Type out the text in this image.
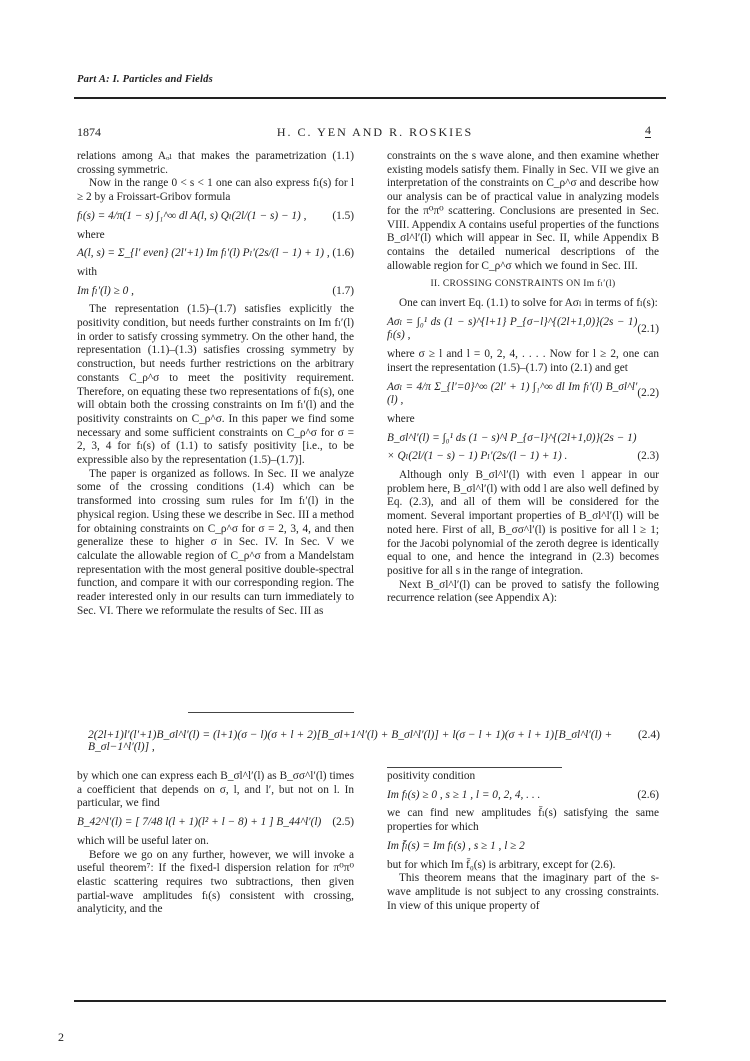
Part A: I. Particles and Fields
1874	H. C. YEN AND R. ROSKIES	4

relations among Aₒₗ that makes the parametrization (1.1) crossing symmetric.

Now in the range 0 < s < 1 one can also express fₗ(s) for l ≥ 2 by a Froissart-Gribov formula

fₗ(s) = 4/π(1 − s) ∫₁^∞ dl A(l, s) Qₗ(2l/(1 − s) − 1) , (1.5)

where

A(l, s) = Σ_{l′ even} (2l′+1) Im fₗ′(l) Pₗ′(2s/(l − 1) + 1) , (1.6)

with

Im fₗ′(l) ≥ 0 ,	(1.7)

The representation (1.5)–(1.7) satisfies explicitly the positivity condition, but needs further constraints on Im fₗ′(l) in order to satisfy crossing symmetry. On the other hand, the representation (1.1)–(1.3) satisfies crossing symmetry by construction, but needs further restrictions on the arbitrary constants C_ρ^σ to meet the positivity requirement. Therefore, on equating these two representations of fₗ(s), one will obtain both the crossing constraints on Im fₗ′(l) and the positivity constraints on C_ρ^σ. In this paper we find some necessary and some sufficient constraints on C_ρ^σ for σ = 2, 3, 4 for fₗ(s) of (1.1) to satisfy positivity [i.e., to be expressible also by the representation (1.5)–(1.7)].

The paper is organized as follows. In Sec. II we analyze some of the crossing conditions (1.4) which can be transformed into crossing sum rules for Im fₗ′(l) in the physical region. Using these we describe in Sec. III a method for obtaining constraints on C_ρ^σ for σ = 2, 3, 4, and then generalize these to higher σ in Sec. IV. In Sec. V we calculate the allowable region of C_ρ^σ from a Mandelstam representation with the most general positive double-spectral function, and compare it with our corresponding region. The reader interested only in our results can turn immediately to Sec. VI. There we reformulate the results of Sec. III as

constraints on the s wave alone, and then examine whether existing models satisfy them. Finally in Sec. VII we give an interpretation of the constraints on C_ρ^σ and describe how our analysis can be of practical value in analyzing models for the π⁰π⁰ scattering. Conclusions are presented in Sec. VIII. Appendix A contains useful properties of the functions B_σl^l′(l) which will appear in Sec. II, while Appendix B contains the detailed numerical descriptions of the allowable region for C_ρ^σ which we found in Sec. III.

II. CROSSING CONSTRAINTS ON Im fₗ′(l)

One can invert Eq. (1.1) to solve for Aσₗ in terms of fₗ(s):

Aσₗ = ∫₀¹ ds (1 − s)^{l+1} P_{σ−l}^{(2l+1,0)}(2s − 1) fₗ(s) ,
(2.1)

where σ ≥ l and l = 0, 2, 4, . . . . Now for l ≥ 2, one can insert the representation (1.5)–(1.7) into (2.1) and get

Aσₗ = 4/π Σ_{l′=0}^∞ (2l′ + 1) ∫₁^∞ dl Im fₗ′(l) B_σl^l′(l) ,
(2.2)

where

B_σl^l′(l) = ∫₀¹ ds (1 − s)^l P_{σ−l}^{(2l+1,0)}(2s − 1)
× Qₗ(2l/(1 − s) − 1) Pₗ′(2s/(l − 1) + 1) .	(2.3)

Although only B_σl^l′(l) with even l appear in our problem here, B_σl^l′(l) with odd l are also well defined by Eq. (2.3), and all of them will be considered for the moment. Several important properties of B_σl^l′(l) will be noted here. First of all, B_σσ^l′(l) is positive for all l ≥ 1; for the Jacobi polynomial of the zeroth degree is identically equal to one, and hence the integrand in (2.3) becomes positive for all s in the range of integration.

Next B_σl^l′(l) can be proved to satisfy the following recurrence relation (see Appendix A):

2(2l+1)l′(l′+1)B_σl^l′(l) = (l+1)(σ − l)(σ + l + 2)[B_σl+1^l′(l) + B_σl^l′(l)] + l(σ − l + 1)(σ + l + 1)[B_σl^l′(l) + B_σl−1^l′(l)] ,
(2.4)

by which one can express each B_σl^l′(l) as B_σσ^l′(l) times a coefficient that depends on σ, l, and l′, but not on l. In particular, we find

B_42^l′(l) = [ 7/48 l(l + 1)(l² + l − 8) + 1 ] B_44^l′(l) (2.5)

which will be useful later on.

Before we go on any further, however, we will invoke a useful theorem⁷: If the fixed-l dispersion relation for π⁰π⁰ elastic scattering requires two subtractions, then given partial-wave amplitudes fₗ(s) consistent with crossing, analyticity, and the

positivity condition

Im fₗ(s) ≥ 0 , s ≥ 1 , l = 0, 2, 4, . . .	(2.6)

we can find new amplitudes f̄ₗ(s) satisfying the same properties for which

Im f̄ₗ(s) = Im fₗ(s) , s ≥ 1 , l ≥ 2

but for which Im f̄₀(s) is arbitrary, except for (2.6).

This theorem means that the imaginary part of the s-wave amplitude is not subject to any crossing constraints. In view of this unique property of

2
